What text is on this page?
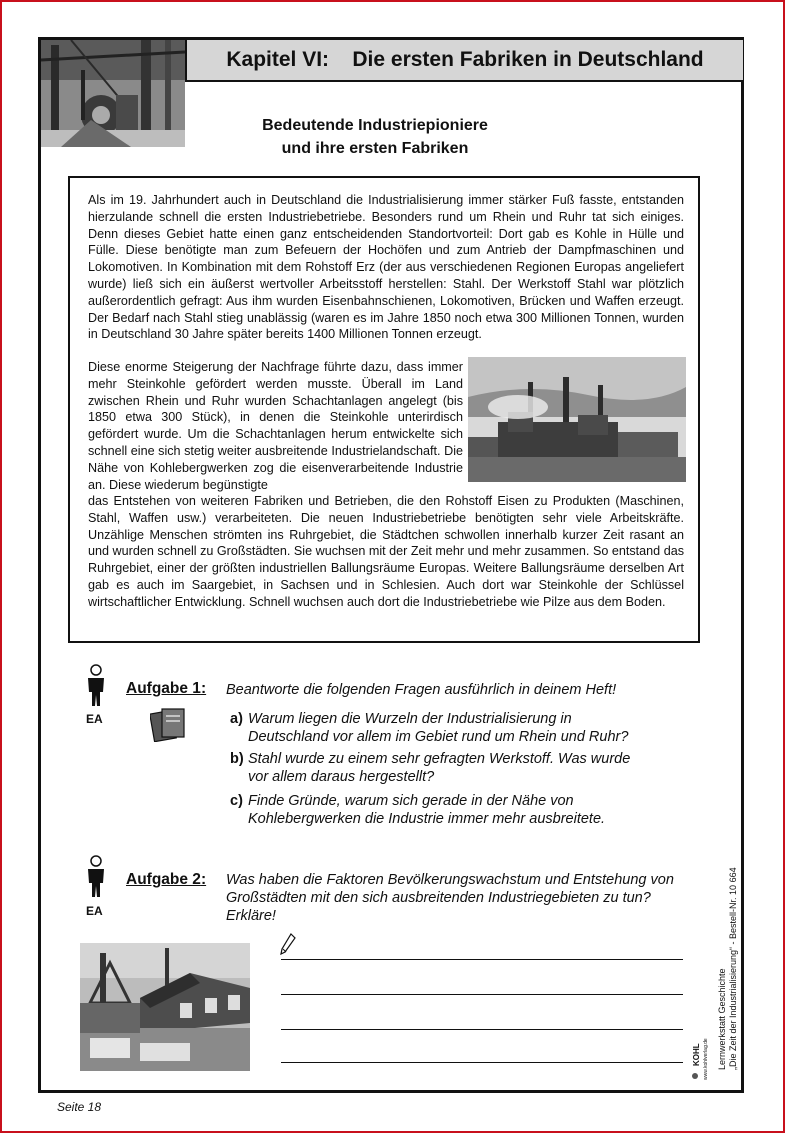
Kapitel VI: Die ersten Fabriken in Deutschland
Bedeutende Industriepioniere
und ihre ersten Fabriken
Als im 19. Jahrhundert auch in Deutschland die Industrialisierung immer stärker Fuß fasste, entstanden hierzulande schnell die ersten Industriebetriebe. Besonders rund um Rhein und Ruhr tat sich einiges. Denn dieses Gebiet hatte einen ganz entscheidenden Standortvorteil: Dort gab es Kohle in Hülle und Fülle. Diese benötigte man zum Befeuern der Hochöfen und zum Antrieb der Dampfmaschinen und Lokomotiven. In Kombination mit dem Rohstoff Erz (der aus verschiedenen Regionen Europas angeliefert wurde) ließ sich ein äußerst wertvoller Arbeitsstoff herstellen: Stahl. Der Werkstoff Stahl war plötzlich außerordentlich gefragt: Aus ihm wurden Eisenbahnschienen, Lokomotiven, Brücken und Waffen erzeugt. Der Bedarf nach Stahl stieg unablässig (waren es im Jahre 1850 noch etwa 300 Millionen Tonnen, wurden in Deutschland 30 Jahre später bereits 1400 Millionen Tonnen erzeugt.
Diese enorme Steigerung der Nachfrage führte dazu, dass immer mehr Steinkohle gefördert werden musste. Überall im Land zwischen Rhein und Ruhr wurden Schachtanlagen angelegt (bis 1850 etwa 300 Stück), in denen die Steinkohle unterirdisch gefördert wurde. Um die Schachtanlagen herum entwickelte sich schnell eine sich stetig weiter ausbreitende Industrielandschaft. Die Nähe von Kohlebergwerken zog die eisenverarbeitende Industrie an. Diese wiederum begünstigte
das Entstehen von weiteren Fabriken und Betrieben, die den Rohstoff Eisen zu Produkten (Maschinen, Stahl, Waffen usw.) verarbeiteten. Die neuen Industriebetriebe benötigten sehr viele Arbeitskräfte. Unzählige Menschen strömten ins Ruhrgebiet, die Städtchen schwollen innerhalb kurzer Zeit rasant an und wurden schnell zu Großstädten. Sie wuchsen mit der Zeit mehr und mehr zusammen. So entstand das Ruhrgebiet, einer der größten industriellen Ballungsräume Europas. Weitere Ballungsräume derselben Art gab es auch im Saargebiet, in Sachsen und in Schlesien. Auch dort war Steinkohle der Schlüssel wirtschaftlicher Entwicklung. Schnell wuchsen auch dort die Industriebetriebe wie Pilze aus dem Boden.
EA
Aufgabe 1: Beantworte die folgenden Fragen ausführlich in deinem Heft!
a) Warum liegen die Wurzeln der Industrialisierung in Deutschland vor allem im Gebiet rund um Rhein und Ruhr?
b) Stahl wurde zu einem sehr gefragten Werkstoff. Was wurde vor allem daraus hergestellt?
c) Finde Gründe, warum sich gerade in der Nähe von Kohlebergwerken die Industrie immer mehr ausbreitete.
EA
Aufgabe 2: Was haben die Faktoren Bevölkerungswachstum und Entstehung von Großstädten mit den sich ausbreitenden Industriegebieten zu tun? Erkläre!
Lernwerkstatt Geschichte „Die Zeit der Industrialisierung“ - Bestell-Nr. 10 664
KOHL www.kohlverlag.de
Seite 18
